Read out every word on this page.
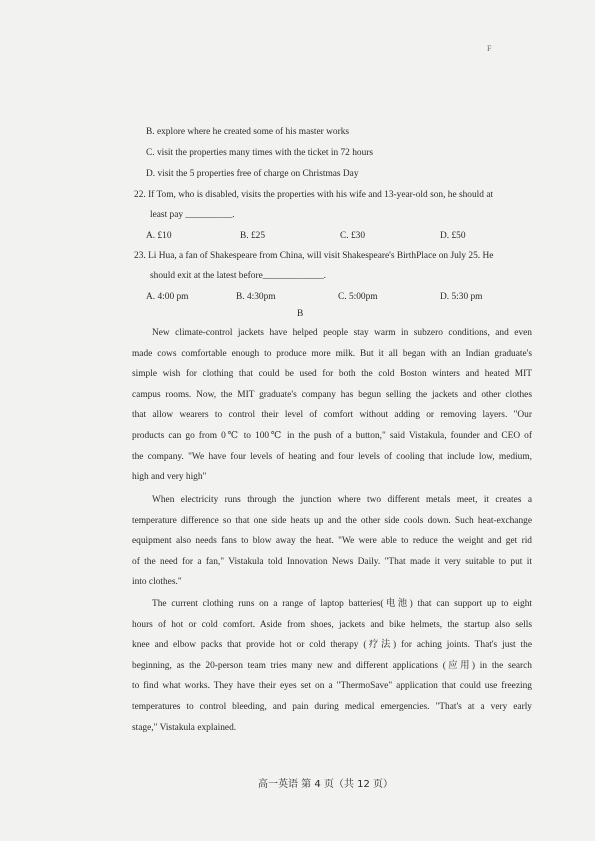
F
B. explore where he created some of his master works
C. visit the properties many times with the ticket in 72 hours
D. visit the 5 properties free of charge on Christmas Day
22. If Tom, who is disabled, visits the properties with his wife and 13-year-old son, he should at
least pay __________.
A. £10	B. £25	C. £30	D. £50
23. Li Hua, a fan of Shakespeare from China, will visit Shakespeare's BirthPlace on July 25. He
should exit at the latest before_____________.
A. 4:00 pm	B. 4:30pm	C. 5:00pm	D. 5:30 pm
B
New climate-control jackets have helped people stay warm in subzero conditions, and even
made cows comfortable enough to produce more milk. But it all began with an Indian graduate's
simple wish for clothing that could be used for both the cold Boston winters and heated MIT
campus rooms. Now, the MIT graduate's company has begun selling the jackets and other clothes
that allow wearers to control their level of comfort without adding or removing layers. "Our
products can go from 0℃ to 100℃ in the push of a button," said Vistakula, founder and CEO of
the company. "We have four levels of heating and four levels of cooling that include low, medium,
high and very high"
When electricity runs through the junction where two different metals meet, it creates a
temperature difference so that one side heats up and the other side cools down. Such heat-exchange
equipment also needs fans to blow away the heat. "We were able to reduce the weight and get rid
of the need for a fan," Vistakula told Innovation News Daily. "That made it very suitable to put it
into clothes."
The current clothing runs on a range of laptop batteries(电池) that can support up to eight
hours of hot or cold comfort. Aside from shoes, jackets and bike helmets, the startup also sells
knee and elbow packs that provide hot or cold therapy (疗法) for aching joints. That's just the
beginning, as the 20-person team tries many new and different applications (应用) in the search
to find what works. They have their eyes set on a "ThermoSave" application that could use freezing
temperatures to control bleeding, and pain during medical emergencies. "That's at a very early
stage," Vistakula explained.
高一英语 第 4 页（共 12 页）
